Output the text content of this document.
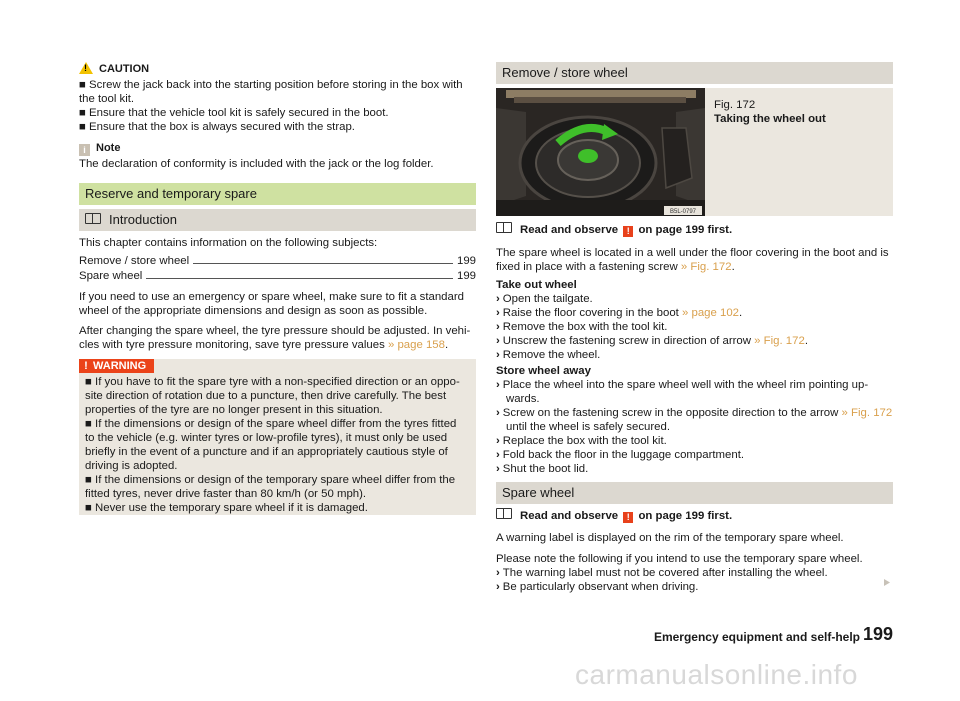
!CAUTION

■ Screw the jack back into the starting position before storing in the box with

the tool kit.

■ Ensure that the vehicle tool kit is safely secured in the boot.

■ Ensure that the box is always secured with the strap.

i Note

The declaration of conformity is included with the jack or the log folder.

Reserve and temporary spare
Introduction

This chapter contains information on the following subjects:

Remove / store wheel	199
Spare wheel	199

If you need to use an emergency or spare wheel, make sure to fit a standard

wheel of the appropriate dimensions and design as soon as possible.

After changing the spare wheel, the tyre pressure should be adjusted. In vehi-

cles with tyre pressure monitoring, save tyre pressure values » page 158.

! WARNING

■ If you have to fit the spare tyre with a non-specified direction or an oppo-

site direction of rotation due to a puncture, then drive carefully. The best

properties of the tyre are no longer present in this situation.

■ If the dimensions or design of the spare wheel differ from the tyres fitted

to the vehicle (e.g. winter tyres or low-profile tyres), it must only be used

briefly in the event of a puncture and if an appropriately cautious style of

driving is adopted.

■ If the dimensions or design of the temporary spare wheel differ from the

fitted tyres, never drive faster than 80 km/h (or 50 mph).

■ Never use the temporary spare wheel if it is damaged.

Remove / store wheel
B5L-0797

Fig. 172

Taking the wheel out

Read and observe ! on page 199 first.

The spare wheel is located in a well under the floor covering in the boot and is

fixed in place with a fastening screw » Fig. 172.

Take out wheel

› Open the tailgate.

› Raise the floor covering in the boot » page 102.

› Remove the box with the tool kit.

› Unscrew the fastening screw in direction of arrow » Fig. 172.

› Remove the wheel.

Store wheel away

› Place the wheel into the spare wheel well with the wheel rim pointing up-

wards.

› Screw on the fastening screw in the opposite direction to the arrow » Fig. 172

until the wheel is safely secured.

› Replace the box with the tool kit.

› Fold back the floor in the luggage compartment.

› Shut the boot lid.

Spare wheel
Read and observe ! on page 199 first.

A warning label is displayed on the rim of the temporary spare wheel.

Please note the following if you intend to use the temporary spare wheel.

› The warning label must not be covered after installing the wheel.

› Be particularly observant when driving.

Emergency equipment and self-help 199
carmanualsonline.info
